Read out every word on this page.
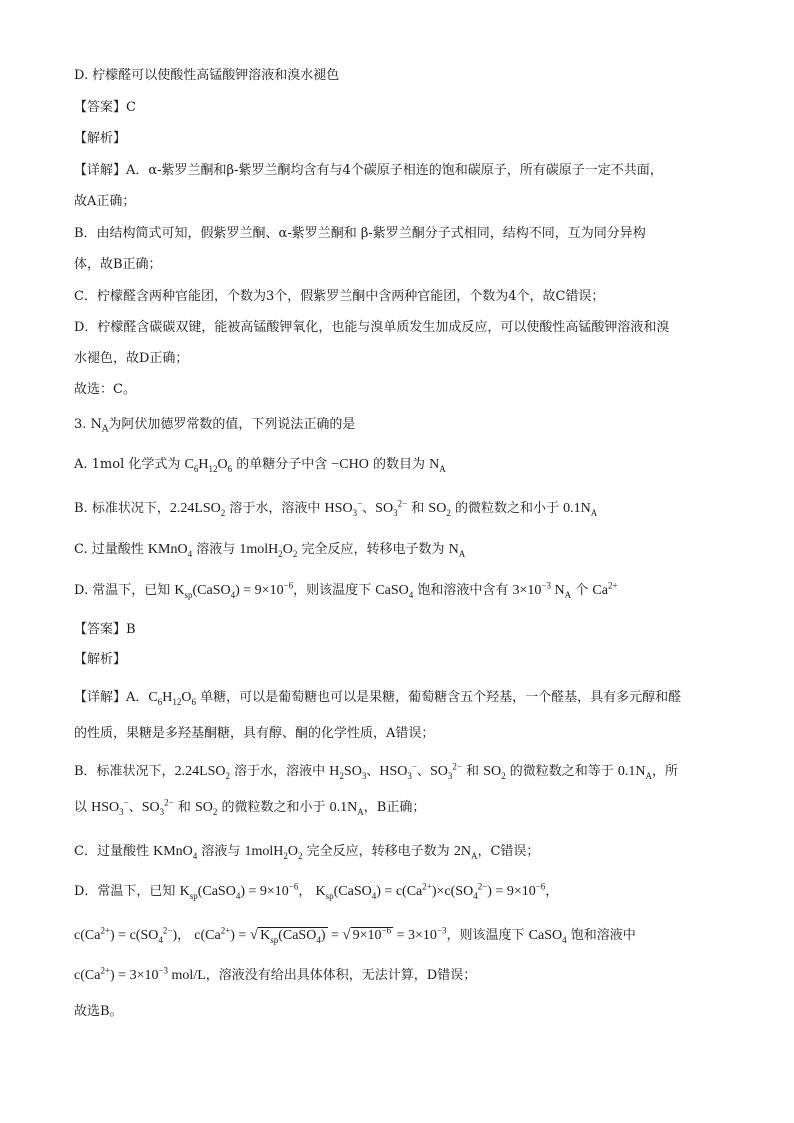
D. 柠檬醛可以使酸性高锰酸钾溶液和溴水褪色
【答案】C
【解析】
【详解】A．α-紫罗兰酮和β-紫罗兰酮均含有与4个碳原子相连的饱和碳原子，所有碳原子一定不共面，
故A正确；
B．由结构简式可知，假紫罗兰酮、α-紫罗兰酮和 β-紫罗兰酮分子式相同，结构不同，互为同分异构
体，故B正确；
C．柠檬醛含两种官能团，个数为3个，假紫罗兰酮中含两种官能团，个数为4个，故C错误；
D．柠檬醛含碳碳双键，能被高锰酸钾氧化，也能与溴单质发生加成反应，可以使酸性高锰酸钾溶液和溴
水褪色，故D正确；
故选：C。
3. $N_A$为阿伏加德罗常数的值，下列说法正确的是
A. 1mol 化学式为 $C_6H_{12}O_6$ 的单糖分子中含 −CHO 的数目为 $N_A$
B. 标准状况下，$2.24LSO_2$ 溶于水，溶液中 $HSO_3^-$、$SO_3^{2-}$ 和 $SO_2$ 的微粒数之和小于 $0.1N_A$
C. 过量酸性 KMnO$_4$ 溶液与 $1molH_2O_2$ 完全反应，转移电子数为 $N_A$
D. 常温下，已知 $K_{sp}(CaSO_4) = 9\times 10^{-6}$，则该温度下 CaSO$_4$ 饱和溶液中含有 $3\times 10^{-3}$ $N_A$ 个 $Ca^{2+}$
【答案】B
【解析】
【详解】A．$C_6H_{12}O_6$ 单糖，可以是葡萄糖也可以是果糖，葡萄糖含五个羟基，一个醛基，具有多元醇和醛
的性质，果糖是多羟基酮糖，具有醇、酮的化学性质，A错误；
B．标准状况下，$2.24LSO_2$ 溶于水，溶液中 $H_2SO_3$、$HSO_3^-$、$SO_3^{2-}$ 和 $SO_2$ 的微粒数之和等于 $0.1N_A$，所
以 $HSO_3^-$、$SO_3^{2-}$ 和 $SO_2$ 的微粒数之和小于 $0.1N_A$，B正确；
C．过量酸性 KMnO$_4$ 溶液与 $1molH_2O_2$ 完全反应，转移电子数为 $2N_A$，C错误；
D．常温下，已知 $K_{sp}(CaSO_4) = 9\times 10^{-6}$， $K_{sp}(CaSO_4) = c(Ca^{2+})\times c(SO_4^{2-}) = 9\times 10^{-6}$，
$c(Ca^{2+}) = c(SO_4^{2-})$， $c(Ca^{2+})$ = √ $K_{sp}(CaSO_4)$ = √ $9\times 10^{-6} = 3\times 10^{-3}$，则该温度下 CaSO$_4$ 饱和溶液中
$c(Ca^{2+}) = 3\times 10^{-3}$ mol/L，溶液没有给出具体体积，无法计算，D错误；
故选B。
